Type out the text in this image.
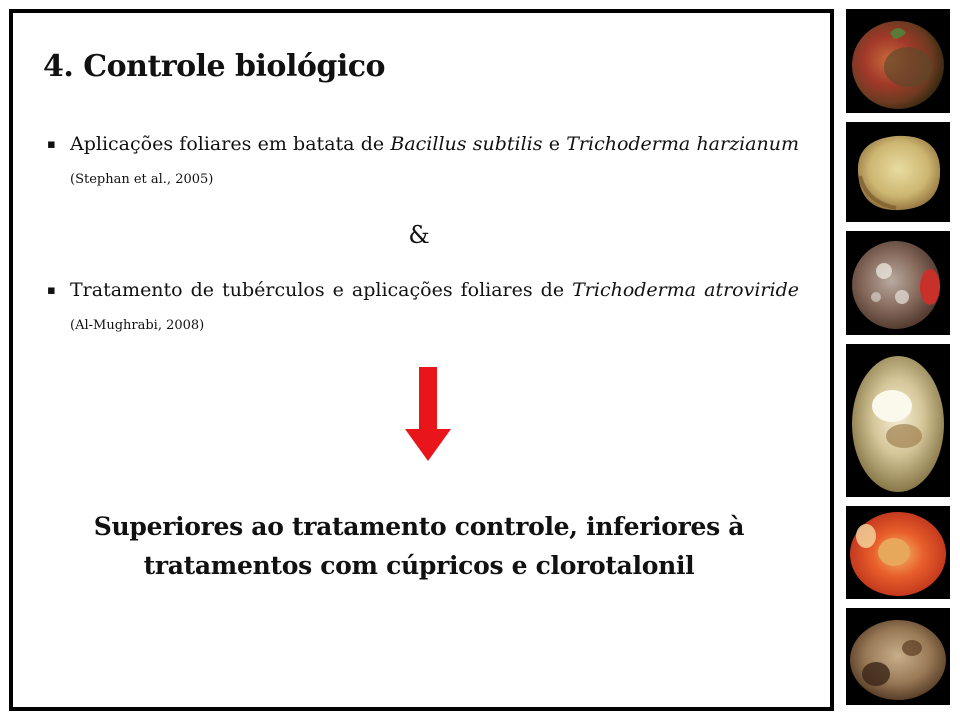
4. Controle biológico
▪ Aplicações foliares em batata de Bacillus subtilis e Trichoderma harzianum $_{(Stephan et al., 2005)}$
&
▪ Tratamento de tubérculos e aplicações foliares de Trichoderma atroviride $_{(Al-Mughrabi, 2008)}$
Superiores ao tratamento controle, inferiores à
tratamentos com cúpricos e clorotalonil
